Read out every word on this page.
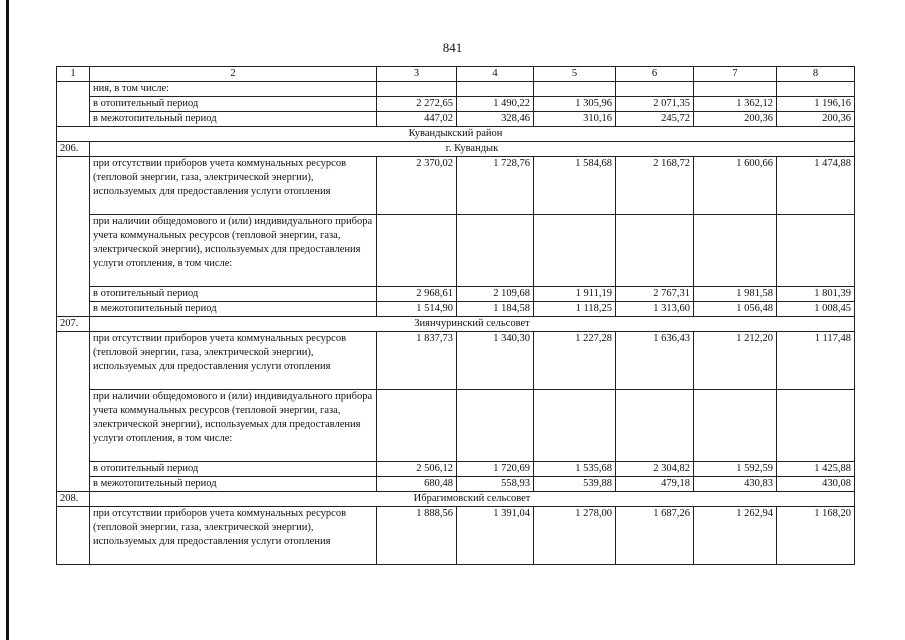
841
1	2	3	4	5	6	7	8
	ния, в том числе:						
	в отопительный период	2 272,65	1 490,22	1 305,96	2 071,35	1 362,12	1 196,16
	в межотопительный период	447,02	328,46	310,16	245,72	200,36	200,36
Кувандыкский район							
206.	г. Кувандык						
	при отсутствии приборов учета коммунальных ресурсов (тепловой энергии, газа, электрической энергии), используемых для предоставления услуги отопления	2 370,02	1 728,76	1 584,68	2 168,72	1 600,66	1 474,88
	при наличии общедомового и (или) индивидуального прибора учета коммунальных ресурсов (тепловой энергии, газа, электрической энергии), используемых для предоставления услуги отопления, в том числе:						
	в отопительный период	2 968,61	2 109,68	1 911,19	2 767,31	1 981,58	1 801,39
	в межотопительный период	1 514,90	1 184,58	1 118,25	1 313,60	1 056,48	1 008,45
207.	Зиянчуринский сельсовет						
	при отсутствии приборов учета коммунальных ресурсов (тепловой энергии, газа, электрической энергии), используемых для предоставления услуги отопления	1 837,73	1 340,30	1 227,28	1 636,43	1 212,20	1 117,48
	при наличии общедомового и (или) индивидуального прибора учета коммунальных ресурсов (тепловой энергии, газа, электрической энергии), используемых для предоставления услуги отопления, в том числе:						
	в отопительный период	2 506,12	1 720,69	1 535,68	2 304,82	1 592,59	1 425,88
	в межотопительный период	680,48	558,93	539,88	479,18	430,83	430,08
208.	Ибрагимовский сельсовет						
	при отсутствии приборов учета коммунальных ресурсов (тепловой энергии, газа, электрической энергии), используемых для предоставления услуги отопления	1 888,56	1 391,04	1 278,00	1 687,26	1 262,94	1 168,20
